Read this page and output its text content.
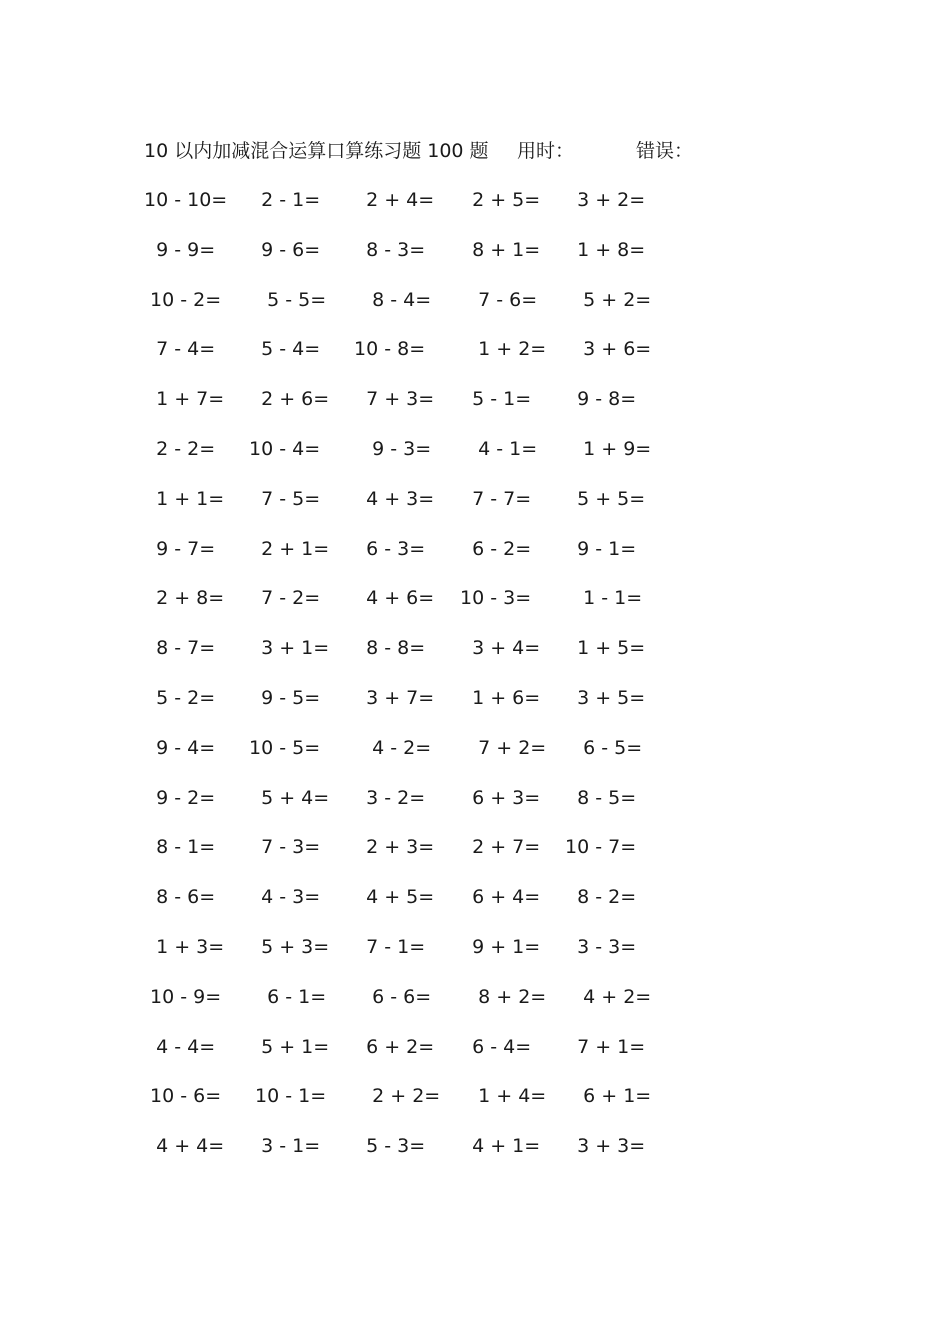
10 以内加减混合运算口算练习题 100 题 用时：	错误：
10 - 10= 2 - 1= 2 + 4= 2 + 5= 3 + 2=
9 - 9= 9 - 6= 8 - 3= 8 + 1= 1 + 8=
10 - 2= 5 - 5= 8 - 4= 7 - 6= 5 + 2=
7 - 4= 5 - 4= 10 - 8= 1 + 2= 3 + 6=
1 + 7= 2 + 6= 7 + 3= 5 - 1= 9 - 8=
2 - 2= 10 - 4= 9 - 3= 4 - 1= 1 + 9=
1 + 1= 7 - 5= 4 + 3= 7 - 7= 5 + 5=
9 - 7= 2 + 1= 6 - 3= 6 - 2= 9 - 1=
2 + 8= 7 - 2= 4 + 6= 10 - 3= 1 - 1=
8 - 7= 3 + 1= 8 - 8= 3 + 4= 1 + 5=
5 - 2= 9 - 5= 3 + 7= 1 + 6= 3 + 5=
9 - 4= 10 - 5= 4 - 2= 7 + 2= 6 - 5=
9 - 2= 5 + 4= 3 - 2= 6 + 3= 8 - 5=
8 - 1= 7 - 3= 2 + 3= 2 + 7= 10 - 7=
8 - 6= 4 - 3= 4 + 5= 6 + 4= 8 - 2=
1 + 3= 5 + 3= 7 - 1= 9 + 1= 3 - 3=
10 - 9= 6 - 1= 6 - 6= 8 + 2= 4 + 2=
4 - 4= 5 + 1= 6 + 2= 6 - 4= 7 + 1=
10 - 6= 10 - 1= 2 + 2= 1 + 4= 6 + 1=
4 + 4= 3 - 1= 5 - 3= 4 + 1= 3 + 3=
